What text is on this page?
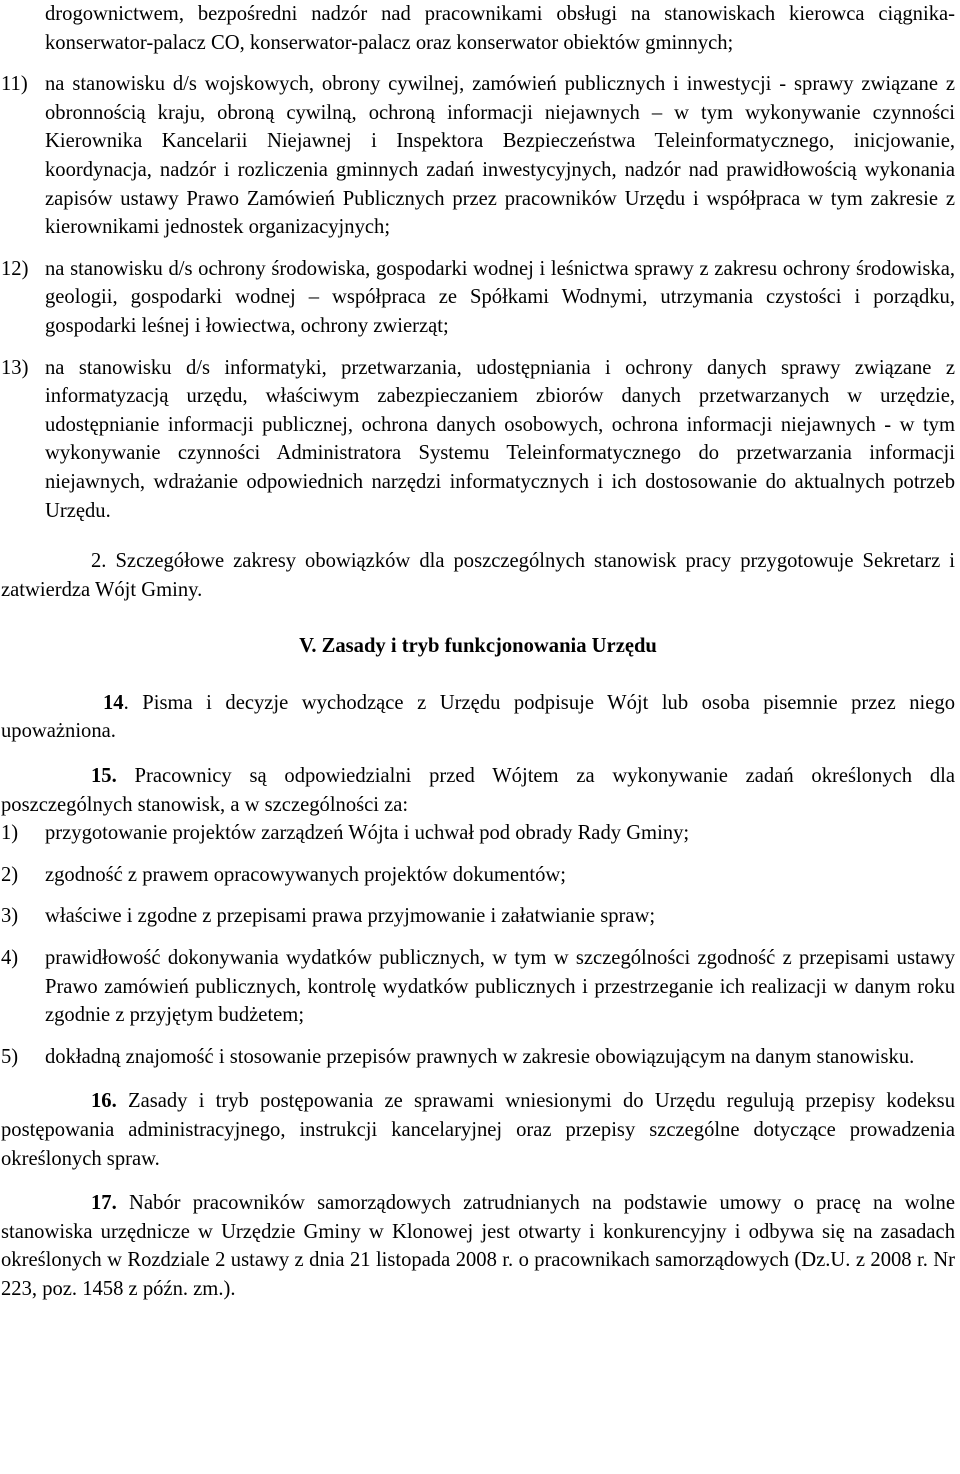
drogownictwem, bezpośredni nadzór nad pracownikami obsługi na stanowiskach kierowca ciągnika-konserwator-palacz CO, konserwator-palacz oraz konserwator obiektów gminnych;
11) na stanowisku d/s wojskowych, obrony cywilnej, zamówień publicznych i inwestycji - sprawy związane z obronnością kraju, obroną cywilną, ochroną informacji niejawnych – w tym wykonywanie czynności Kierownika Kancelarii Niejawnej i Inspektora Bezpieczeństwa Teleinformatycznego, inicjowanie, koordynacja, nadzór i rozliczenia gminnych zadań inwestycyjnych, nadzór nad prawidłowością wykonania zapisów ustawy Prawo Zamówień Publicznych przez pracowników Urzędu i współpraca w tym zakresie z kierownikami jednostek organizacyjnych;
12) na stanowisku d/s ochrony środowiska, gospodarki wodnej i leśnictwa sprawy z zakresu ochrony środowiska, geologii, gospodarki wodnej – współpraca ze Spółkami Wodnymi, utrzymania czystości i porządku, gospodarki leśnej i łowiectwa, ochrony zwierząt;
13) na stanowisku d/s informatyki, przetwarzania, udostępniania i ochrony danych sprawy związane z informatyzacją urzędu, właściwym zabezpieczaniem zbiorów danych przetwarzanych w urzędzie, udostępnianie informacji publicznej, ochrona danych osobowych, ochrona informacji niejawnych - w tym wykonywanie czynności Administratora Systemu Teleinformatycznego do przetwarzania informacji niejawnych, wdrażanie odpowiednich narzędzi informatycznych i ich dostosowanie do aktualnych potrzeb Urzędu.

2. Szczegółowe zakresy obowiązków dla poszczególnych stanowisk pracy przygotowuje Sekretarz i zatwierdza Wójt Gminy.

V. Zasady i tryb funkcjonowania Urzędu

14. Pisma i decyzje wychodzące z Urzędu podpisuje Wójt lub osoba pisemnie przez niego upoważniona.

15. Pracownicy są odpowiedzialni przed Wójtem za wykonywanie zadań określonych dla poszczególnych stanowisk, a w szczególności za:

1)	przygotowanie projektów zarządzeń Wójta i uchwał pod obrady Rady Gminy;
2)	zgodność z prawem opracowywanych projektów dokumentów;
3)	właściwe i zgodne z przepisami prawa przyjmowanie i załatwianie spraw;
4)	prawidłowość dokonywania wydatków publicznych, w tym w szczególności zgodność z przepisami ustawy Prawo zamówień publicznych, kontrolę wydatków publicznych i przestrzeganie ich realizacji w danym roku zgodnie z przyjętym budżetem;
5)	dokładną znajomość i stosowanie przepisów prawnych w zakresie obowiązującym na danym stanowisku.

16. Zasady i tryb postępowania ze sprawami wniesionymi do Urzędu regulują przepisy kodeksu postępowania administracyjnego, instrukcji kancelaryjnej oraz przepisy szczególne dotyczące prowadzenia określonych spraw.

17. Nabór pracowników samorządowych zatrudnianych na podstawie umowy o pracę na wolne stanowiska urzędnicze w Urzędzie Gminy w Klonowej jest otwarty i konkurencyjny i odbywa się na zasadach określonych w Rozdziale 2 ustawy z dnia 21 listopada 2008 r. o pracownikach samorządowych (Dz.U. z 2008 r. Nr 223, poz. 1458 z późn. zm.).
